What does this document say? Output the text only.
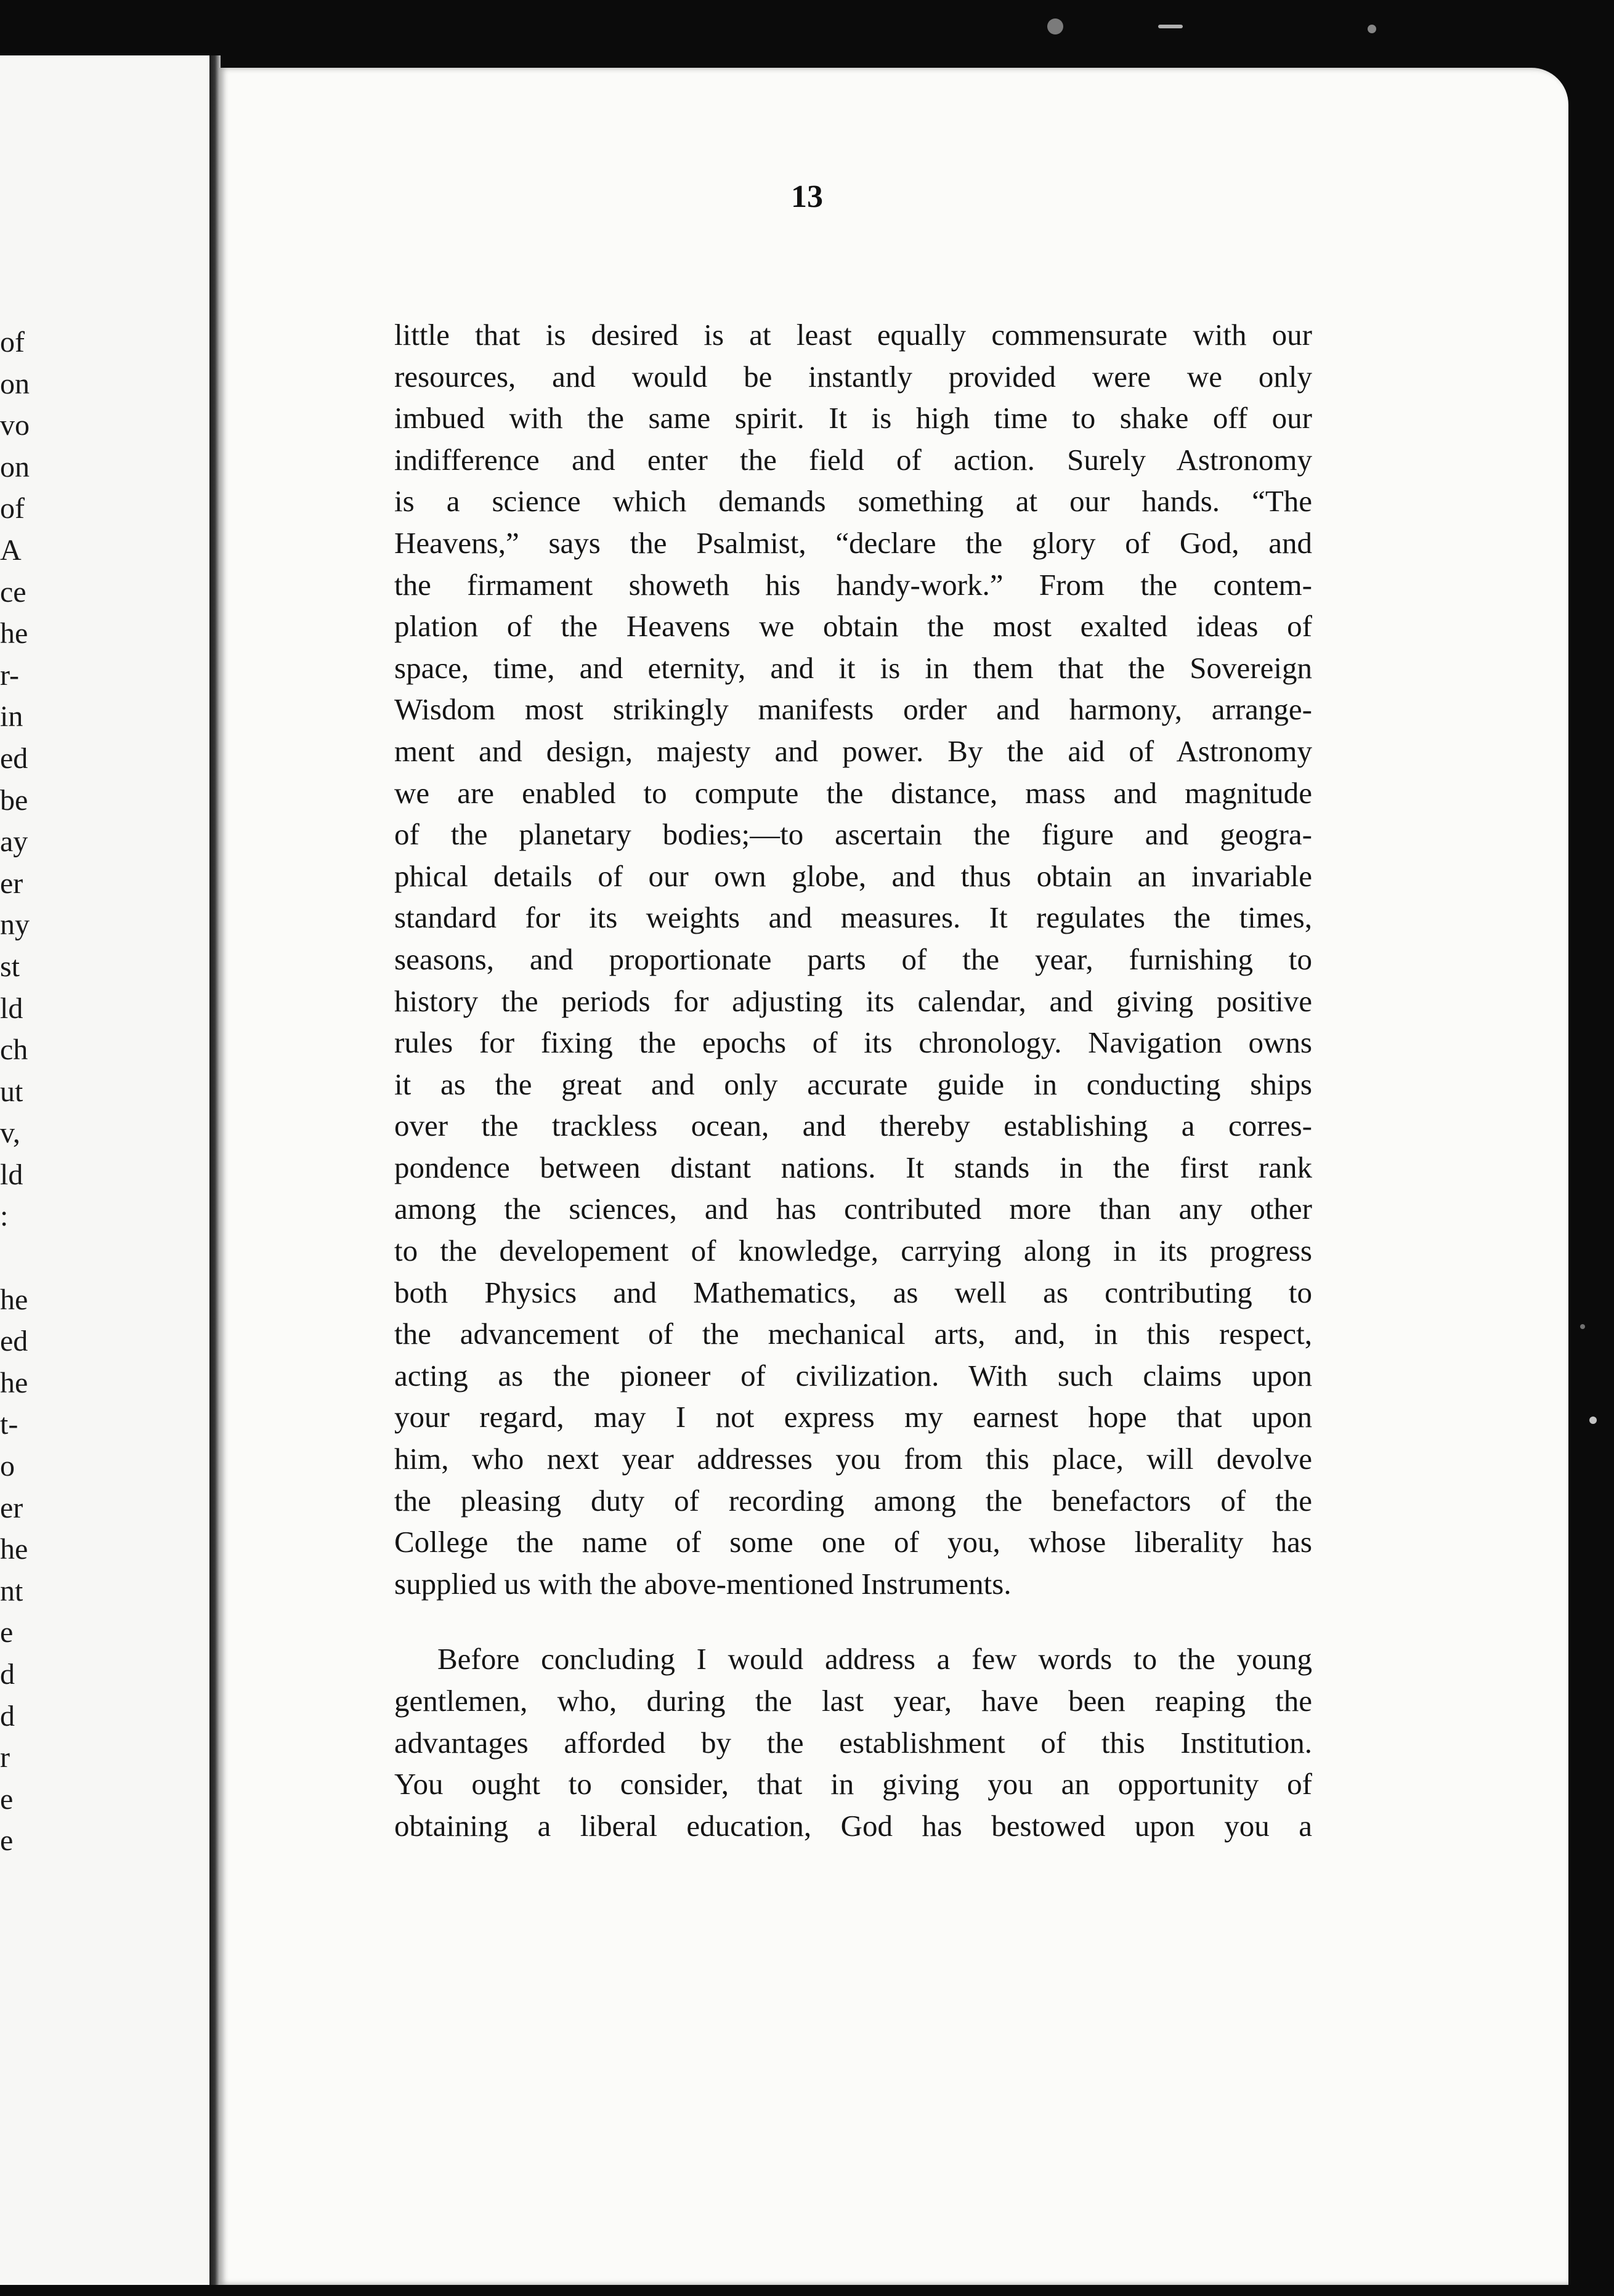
of
on
vo
on
of
A
ce
he
r-
in
ed
be
ay
er
ny
st
ld
ch
ut
v,
ld
:
he
ed
he
t-
o
er
he
nt
e
d
d
r
e
e

13

little that is desired is at least equally commensurate with our
resources, and would be instantly provided were we only
imbued with the same spirit. It is high time to shake off our
indifference and enter the field of action. Surely Astronomy
is a science which demands something at our hands. “The
Heavens,” says the Psalmist, “declare the glory of God, and
the firmament showeth his handy-work.” From the contem-
plation of the Heavens we obtain the most exalted ideas of
space, time, and eternity, and it is in them that the Sovereign
Wisdom most strikingly manifests order and harmony, arrange-
ment and design, majesty and power. By the aid of Astronomy
we are enabled to compute the distance, mass and magnitude
of the planetary bodies;—to ascertain the figure and geogra-
phical details of our own globe, and thus obtain an invariable
standard for its weights and measures. It regulates the times,
seasons, and proportionate parts of the year, furnishing to
history the periods for adjusting its calendar, and giving positive
rules for fixing the epochs of its chronology. Navigation owns
it as the great and only accurate guide in conducting ships
over the trackless ocean, and thereby establishing a corres-
pondence between distant nations. It stands in the first rank
among the sciences, and has contributed more than any other
to the developement of knowledge, carrying along in its progress
both Physics and Mathematics, as well as contributing to
the advancement of the mechanical arts, and, in this respect,
acting as the pioneer of civilization. With such claims upon
your regard, may I not express my earnest hope that upon
him, who next year addresses you from this place, will devolve
the pleasing duty of recording among the benefactors of the
College the name of some one of you, whose liberality has
supplied us with the above-mentioned Instruments.
Before concluding I would address a few words to the young
gentlemen, who, during the last year, have been reaping the
advantages afforded by the establishment of this Institution.
You ought to consider, that in giving you an opportunity of
obtaining a liberal education, God has bestowed upon you a
